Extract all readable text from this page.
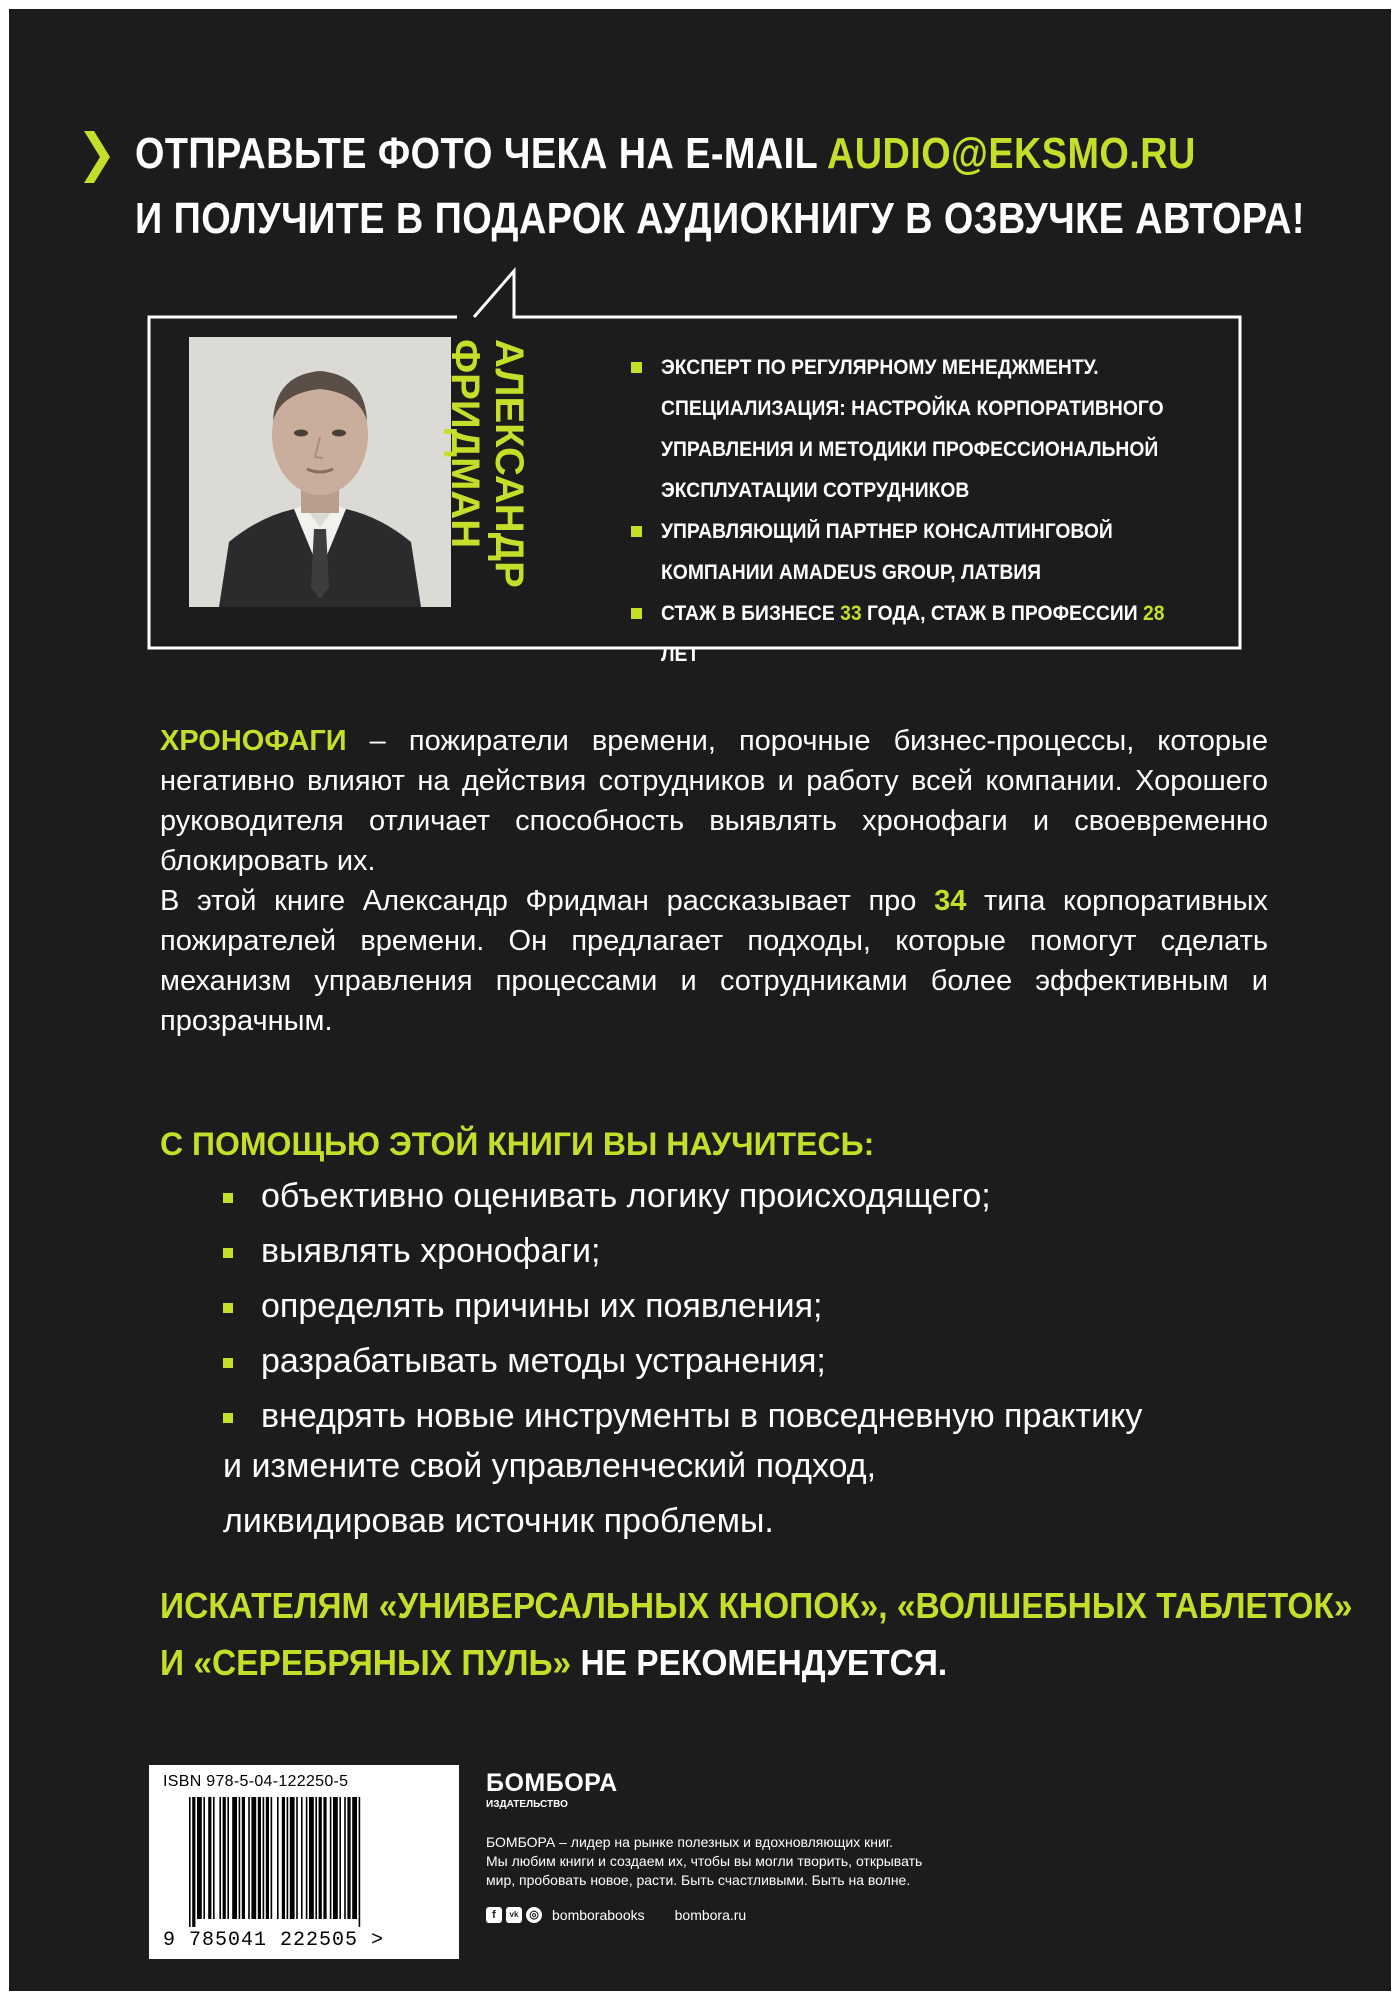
ОТПРАВЬТЕ ФОТО ЧЕКА НА E-MAIL AUDIO@EKSMO.RU
И ПОЛУЧИТЕ В ПОДАРОК АУДИОКНИГУ В ОЗВУЧКЕ АВТОРА!
АЛЕКСАНДР
ФРИДМАН	ЭКСПЕРТ ПО РЕГУЛЯРНОМУ МЕНЕДЖМЕНТУ. СПЕЦИАЛИЗАЦИЯ: НАСТРОЙКА КОРПОРАТИВНОГО УПРАВЛЕНИЯ И МЕТОДИКИ ПРОФЕССИОНАЛЬНОЙ ЭКСПЛУАТАЦИИ СОТРУДНИКОВ
УПРАВЛЯЮЩИЙ ПАРТНЕР КОНСАЛТИНГОВОЙ КОМПАНИИ AMADEUS GROUP, ЛАТВИЯ
СТАЖ В БИЗНЕСЕ 33 ГОДА, СТАЖ В ПРОФЕССИИ 28 ЛЕТ

ХРОНОФАГИ – пожиратели времени, порочные бизнес-процессы, которые негативно влияют на действия сотрудников и работу всей компании. Хорошего руководителя отличает способность выявлять хронофаги и своевременно блокировать их.

В этой книге Александр Фридман рассказывает про 34 типа корпоративных пожирателей времени. Он предлагает подходы, которые помогут сделать механизм управления процессами и сотрудниками более эффективным и прозрачным.

С ПОМОЩЬЮ ЭТОЙ КНИГИ ВЫ НАУЧИТЕСЬ:
объективно оценивать логику происходящего;
выявлять хронофаги;
определять причины их появления;
разрабатывать методы устранения;
внедрять новые инструменты в повседневную практику
и измените свой управленческий подход,
ликвидировав источник проблемы.
ИСКАТЕЛЯМ «УНИВЕРСАЛЬНЫХ КНОПОК», «ВОЛШЕБНЫХ ТАБЛЕТОК»
И «СЕРЕБРЯНЫХ ПУЛЬ» НЕ РЕКОМЕНДУЕТСЯ.
ISBN 978-5-04-122250-5
9 785041 222505 >
БОМБОРА
ИЗДАТЕЛЬСТВО

БОМБОРА – лидер на рынке полезных и вдохновляющих книг.

Мы любим книги и создаем их, чтобы вы могли творить, открывать

мир, пробовать новое, расти. Быть счастливыми. Быть на волне.

f	vk ◎ bomborabooks bombora.ru
